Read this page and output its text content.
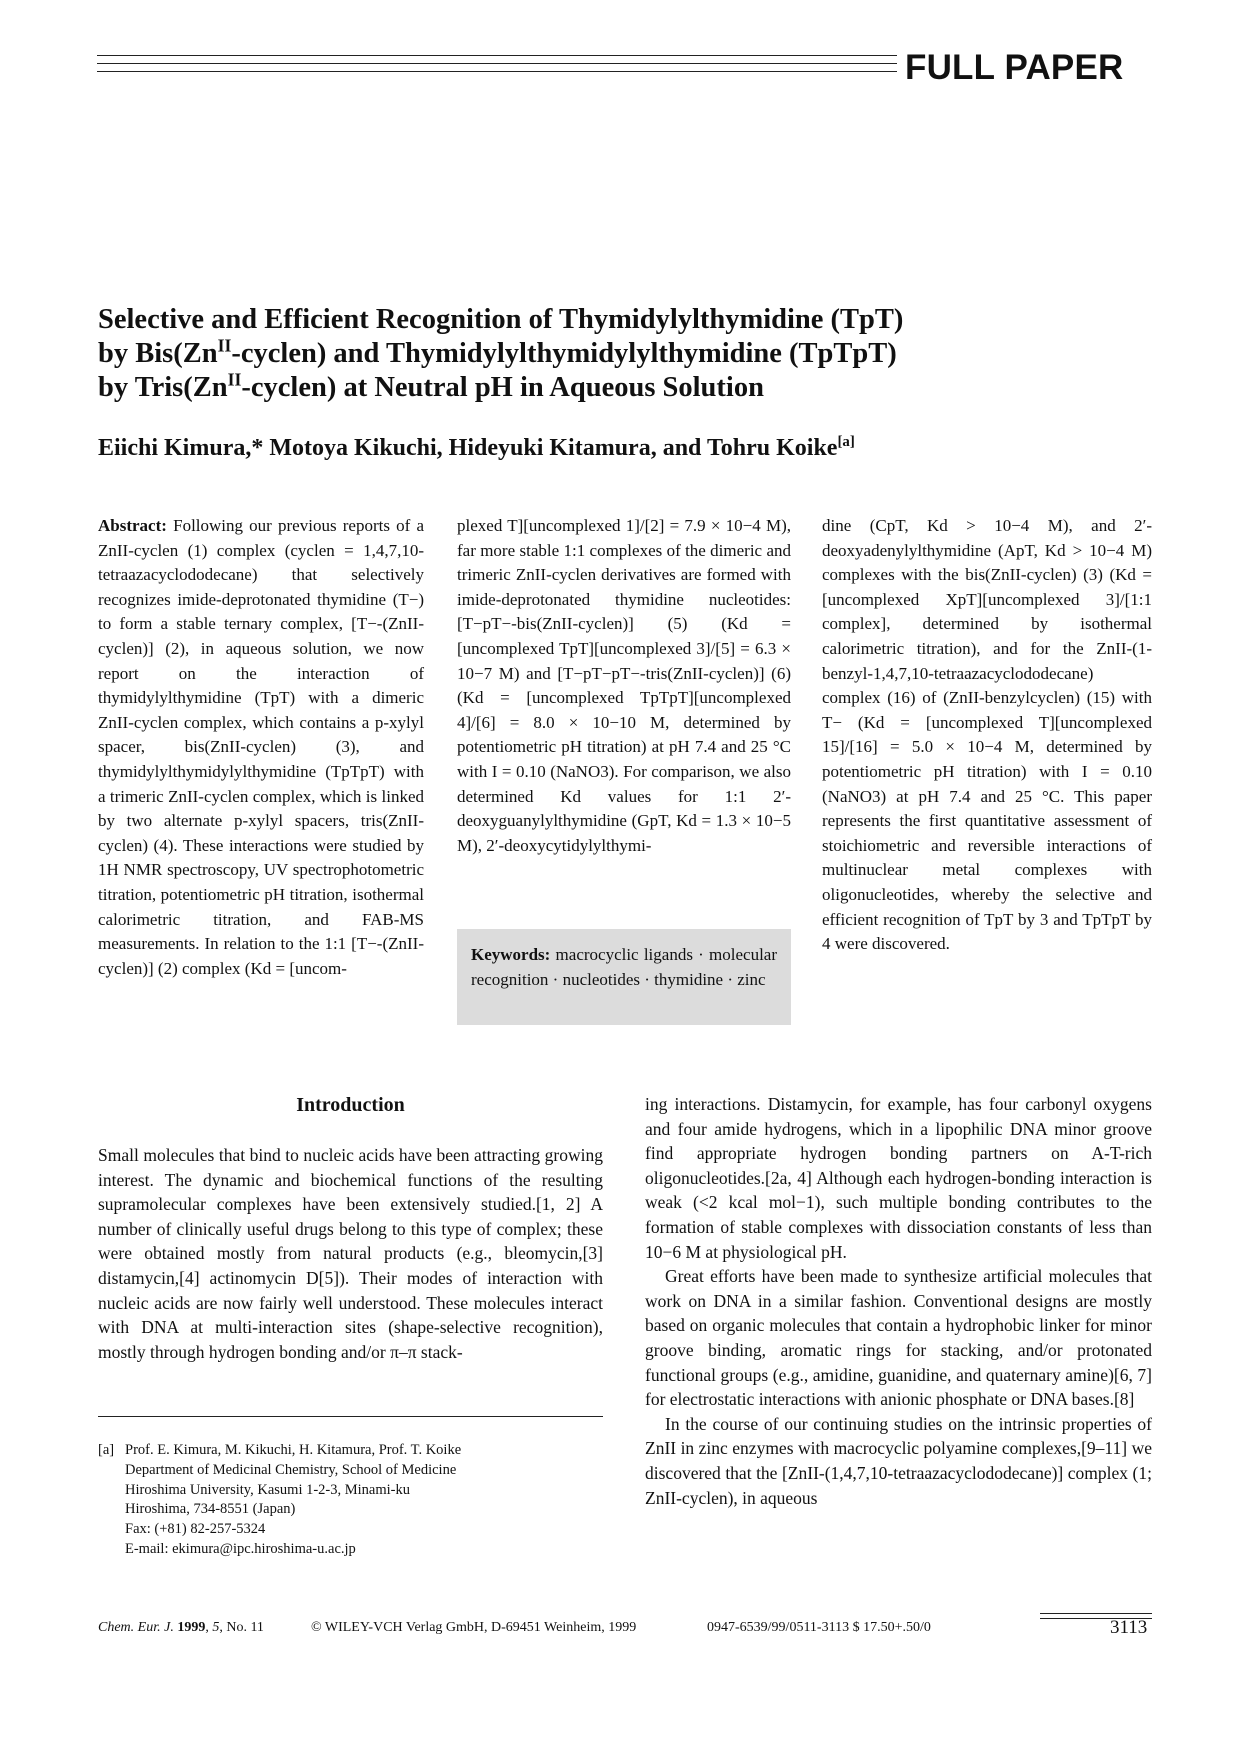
FULL PAPER
Selective and Efficient Recognition of Thymidylylthymidine (TpT)
by $Bis(Zn^{II}-cyclen)$ and Thymidylylthymidylylthymidine (TpTpT)
by $Tris(Zn^{II}-cyclen)$ at Neutral pH in Aqueous Solution
Eiichi Kimura,* Motoya Kikuchi, Hideyuki Kitamura, and Tohru Koike[a]

Abstract: Following our previous reports of a ZnII-cyclen (1) complex (cyclen = 1,4,7,10-tetraazacyclododecane) that selectively recognizes imide-deprotonated thymidine (T−) to form a stable ternary complex, [T−-(ZnII-cyclen)] (2), in aqueous solution, we now report on the interaction of thymidylylthymidine (TpT) with a dimeric ZnII-cyclen complex, which contains a p-xylyl spacer, bis(ZnII-cyclen) (3), and thymidylylthymidylylthymidine (TpTpT) with a trimeric ZnII-cyclen complex, which is linked by two alternate p-xylyl spacers, tris(ZnII-cyclen) (4). These interactions were studied by 1H NMR spectroscopy, UV spectrophotometric titration, potentiometric pH titration, isothermal calorimetric titration, and FAB-MS measurements. In relation to the 1:1 [T−-(ZnII-cyclen)] (2) complex (Kd = [uncom-

plexed T][uncomplexed 1]/[2] = 7.9 × 10−4 M), far more stable 1:1 complexes of the dimeric and trimeric ZnII-cyclen derivatives are formed with imide-deprotonated thymidine nucleotides: [T−pT−-bis(ZnII-cyclen)] (5) (Kd = [uncomplexed TpT][uncomplexed 3]/[5] = 6.3 × 10−7 M) and [T−pT−pT−-tris(ZnII-cyclen)] (6) (Kd = [uncomplexed TpTpT][uncomplexed 4]/[6] = 8.0 × 10−10 M, determined by potentiometric pH titration) at pH 7.4 and 25 °C with I = 0.10 (NaNO3). For comparison, we also determined Kd values for 1:1 2′-deoxyguanylylthymidine (GpT, Kd = 1.3 × 10−5 M), 2′-deoxycytidylylthymi-

Keywords: macrocyclic ligands · molecular recognition · nucleotides · thymidine · zinc

dine (CpT, Kd > 10−4 M), and 2′-deoxyadenylylthymidine (ApT, Kd > 10−4 M) complexes with the bis(ZnII-cyclen) (3) (Kd = [uncomplexed XpT][uncomplexed 3]/[1:1 complex], determined by isothermal calorimetric titration), and for the ZnII-(1-benzyl-1,4,7,10-tetraazacyclododecane) complex (16) of (ZnII-benzylcyclen) (15) with T− (Kd = [uncomplexed T][uncomplexed 15]/[16] = 5.0 × 10−4 M, determined by potentiometric pH titration) with I = 0.10 (NaNO3) at pH 7.4 and 25 °C. This paper represents the first quantitative assessment of stoichiometric and reversible interactions of multinuclear metal complexes with oligonucleotides, whereby the selective and efficient recognition of TpT by 3 and TpTpT by 4 were discovered.

Introduction

Small molecules that bind to nucleic acids have been attracting growing interest. The dynamic and biochemical functions of the resulting supramolecular complexes have been extensively studied.[1, 2] A number of clinically useful drugs belong to this type of complex; these were obtained mostly from natural products (e.g., bleomycin,[3] distamycin,[4] actinomycin D[5]). Their modes of interaction with nucleic acids are now fairly well understood. These molecules interact with DNA at multi-interaction sites (shape-selective recognition), mostly through hydrogen bonding and/or π–π stack-

ing interactions. Distamycin, for example, has four carbonyl oxygens and four amide hydrogens, which in a lipophilic DNA minor groove find appropriate hydrogen bonding partners on A-T-rich oligonucleotides.[2a, 4] Although each hydrogen-bonding interaction is weak (<2 kcal mol−1), such multiple bonding contributes to the formation of stable complexes with dissociation constants of less than 10−6 M at physiological pH.

Great efforts have been made to synthesize artificial molecules that work on DNA in a similar fashion. Conventional designs are mostly based on organic molecules that contain a hydrophobic linker for minor groove binding, aromatic rings for stacking, and/or protonated functional groups (e.g., amidine, guanidine, and quaternary amine)[6, 7] for electrostatic interactions with anionic phosphate or DNA bases.[8]

In the course of our continuing studies on the intrinsic properties of ZnII in zinc enzymes with macrocyclic polyamine complexes,[9–11] we discovered that the [ZnII-(1,4,7,10-tetraazacyclododecane)] complex (1; ZnII-cyclen), in aqueous

[a] Prof. E. Kimura, M. Kikuchi, H. Kitamura, Prof. T. Koike
Department of Medicinal Chemistry, School of Medicine
Hiroshima University, Kasumi 1-2-3, Minami-ku
Hiroshima, 734-8551 (Japan)
Fax: (+81) 82-257-5324
E-mail: ekimura@ipc.hiroshima-u.ac.jp
Chem. Eur. J. 1999, 5, No. 11	© WILEY-VCH Verlag GmbH, D-69451 Weinheim, 1999	0947-6539/99/0511-3113 $ 17.50+.50/0	3113
